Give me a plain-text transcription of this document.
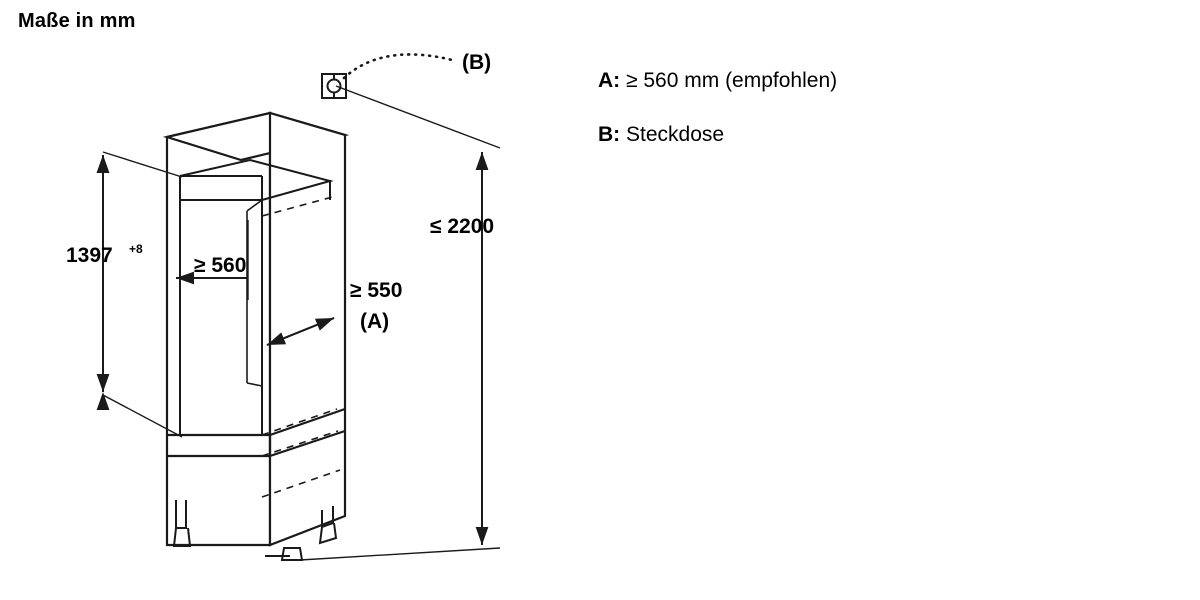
Maße in mm
A: ≥ 560 mm (empfohlen)
B: Steckdose
(B)
1397 +8
≥ 560
≥ 550
(A)
≤ 2200
